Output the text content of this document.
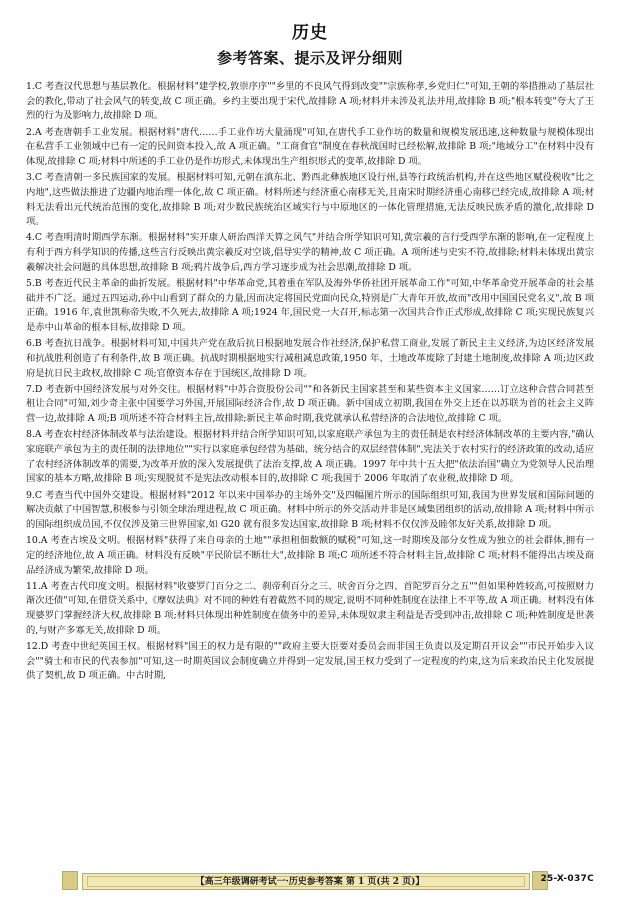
历史
参考答案、提示及评分细则

1.C 考查汉代思想与基层教化。根据材料"建学校,敦崇序序""乡里的不良风气得到改变""宗族称孝,乡党归仁"可知,王朝的举措推动了基层社会的教化,带动了社会风气的转变,故 C 项正确。乡约主要出现于宋代,故排除 A 项;材料并未涉及礼法并用,故排除 B 项;"根本转变"夸大了王烈的行为及影响力,故排除 D 项。

2.A 考查唐朝手工业发展。根据材料"唐代……手工业作坊大量涌现"可知,在唐代手工业作坊的数量和规模发展迅速,这种数量与规模体现出在私营手工业领域中已有一定的民间资本投入,故 A 项正确。"工商食官"制度在春秋战国时已经松解,故排除 B 项;"地域分工"在材料中没有体现,故排除 C 项;材料中所述的手工业仍是作坊形式,未体现出生产组织形式的变革,故排除 D 项。

3.C 考查清朝一多民族国家的发展。根据材料可知,元朝在滇东北、黔西北彝族地区设行州,县等行政统治机构,并在这些地区赋役税收"比之内地",这些做法推进了边疆内地治理一体化,故 C 项正确。材料所述与经济重心南移无关,且南宋时期经济重心南移已经完成,故排除 A 项;材料无法看出元代统治范围的变化,故排除 B 项;对少数民族统治区域实行与中原地区的一体化管理措施,无法反映民族矛盾的激化,故排除 D 项。

4.C 考查明清时期西学东渐。根据材料"实开康人研治西洋天算之风气"并结合所学知识可知,黄宗羲的言行受西学东渐的影响,在一定程度上有利于西方科学知识的传播,这些言行反映出黄宗羲反对空谈,倡导实学的精神,故 C 项正确。A 项所述与史实不符,故排除;材料未体现出黄宗羲解决社会问题的具体思想,故排除 B 项;鸦片战争后,西方学习逐步成为社会思潮,故排除 D 项。

5.B 考查近代民主革命的曲折发展。根据材料"中华革命党,其着重在军队及海外华侨社团开展革命工作"可知,中华革命党开展革命的社会基础并不广泛。通过五四运动,孙中山看到了群众的力量,因而决定将国民党面向民众,特别是广大青年开放,故而"改用中国国民党名义",故 B 项正确。1916 年,袁世凯称帝失败,不久死去,故排除 A 项;1924 年,国民党一大召开,标志第一次国共合作正式形成,故排除 C 项;实现民族复兴是赤中山革命的根本目标,故排除 D 项。

6.B 考查抗日战争。根据材料可知,中国共产党在敌后抗日根据地发展合作社经济,保护私营工商业,发展了新民主主义经济,为边区经济发展和抗战胜利创造了有利条件,故 B 项正确。抗战时期根据地实行减租减息政策,1950 年、土地改革废除了封建土地制度,故排除 A 项;边区政府是抗日民主政权,故排除 C 项;官僚资本存在于国统区,故排除 D 项。

7.D 考查新中国经济发展与对外交往。根据材料"中苏合资股份公司""和各新民主国家甚至和某些资本主义国家……订立这种合营合同甚至租让合同"可知,刘少奇主张中国要学习外国,开展国际经济合作,故 D 项正确。新中国成立初期,我国在外交上还在以苏联为首的社会主义阵营一边,故排除 A 项;B 项所述不符合材料主旨,故排除;新民主革命时期,我党就承认私营经济的合法地位,故排除 C 项。

8.A 考查农村经济体制改革与法治建设。根据材料并结合所学知识可知,以家庭联产承包为主的责任制是农村经济体制改革的主要内容,"确认家庭联产承包为主的责任制的法律地位""实行以家庭承包经营为基础、统分结合的双层经营体制",宪法关于农村实行的经济政策的改动,适应了农村经济体制改革的需要,为改革开放的深入发展提供了法治支撑,故 A 项正确。1997 年中共十五大把"依法治国"确立为党领导人民治理国家的基本方略,故排除 B 项;实现脱贫不是宪法改动根本目的,故排除 C 项;我国于 2006 年取消了农业税,故排除 D 项。

9.C 考查当代中国外交建设。根据材料"2012 年以来中国举办的主场外交"及四幅图片所示的国际组织可知,我国为世界发展和国际问题的解决贡献了中国智慧,积极参与引领全球治理进程,故 C 项正确。材料中所示的外交活动并非是区域集团组织的活动,故排除 A 项;材料中所示的国际组织成员国,不仅仅涉及第三世界国家,如 G20 就有很多发达国家,故排除 B 项;材料不仅仅涉及睦邻友好关系,故排除 D 项。

10.A 考查古埃及文明。根据材料"获得了来自母亲的土地""承担租佃数额的赋税"可知,这一时期埃及部分女性成为独立的社会群体,拥有一定的经济地位,故 A 项正确。材料没有反映"平民阶层不断壮大",故排除 B 项;C 项所述不符合材料主旨,故排除 C 项;材料不能得出古埃及商品经济成为繁荣,故排除 D 项。

11.A 考查古代印度文明。根据材料"收婆罗门百分之二、刹帝利百分之三、吠舍百分之四、首陀罗百分之五""但如果种姓较高,可按照财力渐次还债"可知,在借贷关系中,《摩奴法典》对不同的种姓有着截然不同的规定,说明不同种姓制度在法律上不平等,故 A 项正确。材料没有体现婆罗门掌握经济大权,故排除 B 项;材料只体现出种姓制度在债务中的差异,未体现奴隶主利益是否受到冲击,故排除 C 项;种姓制度是世袭的,与财产多寡无关,故排除 D 项。

12.D 考查中世纪英国王权。根据材料"国王的权力是有限的""政府主要大臣要对委员会而非国王负责以及定期召开议会""市民开始步入议会""骑士和市民的代表参加"可知,这一时期英国议会制度确立并得到一定发展,国王权力受到了一定程度的约束,这为后来政治民主化发展提供了契机,故 D 项正确。中古时期,

【高三年级调研考试一·历史参考答案 第 1 页(共 2 页)】	25-X-037C
